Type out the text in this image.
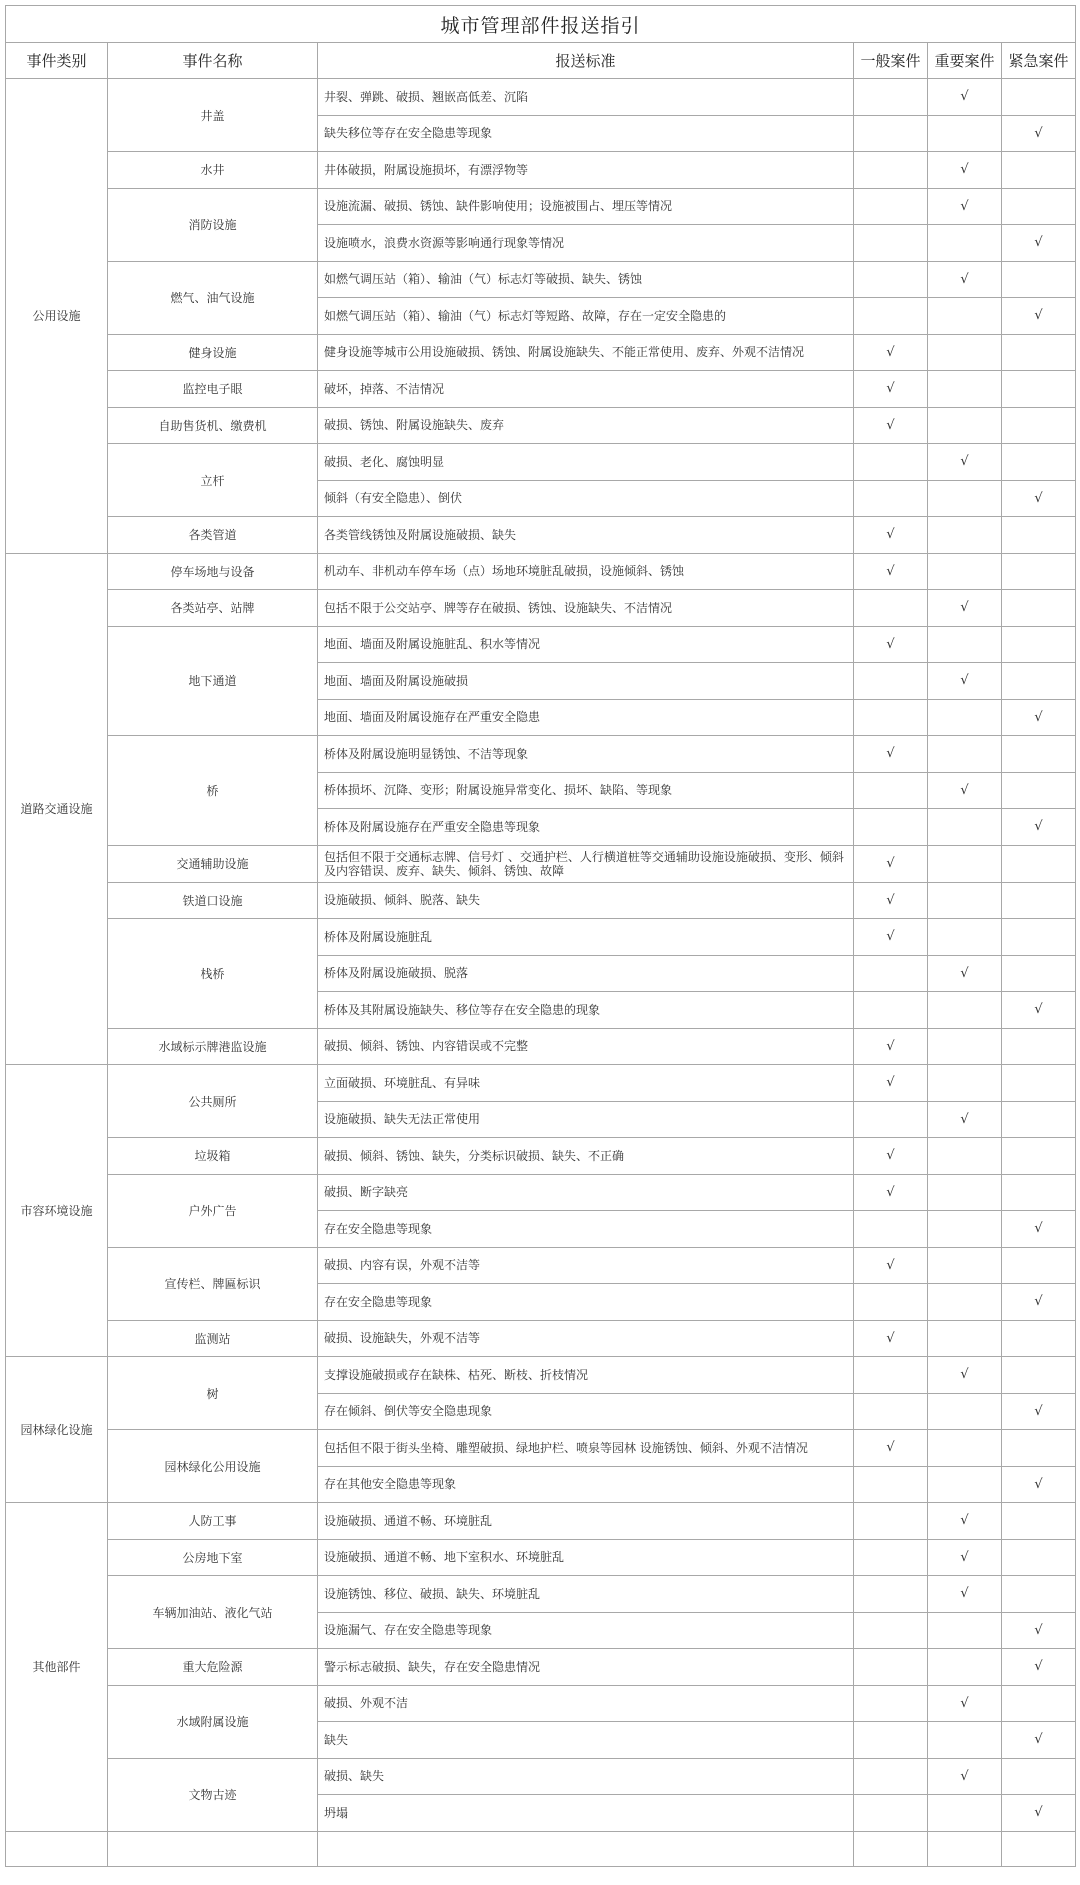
城市管理部件报送指引					
事件类别	事件名称	报送标准	一般案件	重要案件	紧急案件
公用设施	井盖	井裂、弹跳、破损、翘嵌高低差、沉陷		√	
		缺失移位等存在安全隐患等现象			√
	水井	井体破损，附属设施损坏，有漂浮物等		√	
	消防设施	设施流漏、破损、锈蚀、缺件影响使用；设施被围占、埋压等情况		√	
		设施喷水，浪费水资源等影响通行现象等情况			√
	燃气、油气设施	如燃气调压站（箱）、输油（气）标志灯等破损、缺失、锈蚀		√	
		如燃气调压站（箱）、输油（气）标志灯等短路、故障，存在一定安全隐患的			√
	健身设施	健身设施等城市公用设施破损、锈蚀、附属设施缺失、不能正常使用、废弃、外观不洁情况	√		
	监控电子眼	破坏，掉落、不洁情况	√		
	自助售货机、缴费机	破损、锈蚀、附属设施缺失、废弃	√		
	立杆	破损、老化、腐蚀明显		√	
		倾斜（有安全隐患）、倒伏			√
	各类管道	各类管线锈蚀及附属设施破损、缺失	√		
道路交通设施	停车场地与设备	机动车、非机动车停车场（点）场地环境脏乱破损，设施倾斜、锈蚀	√		
	各类站亭、站牌	包括不限于公交站亭、牌等存在破损、锈蚀、设施缺失、不洁情况		√	
	地下通道	地面、墙面及附属设施脏乱、积水等情况	√		
		地面、墙面及附属设施破损		√	
		地面、墙面及附属设施存在严重安全隐患			√
	桥	桥体及附属设施明显锈蚀、不洁等现象	√		
		桥体损坏、沉降、变形；附属设施异常变化、损坏、缺陷、等现象		√	
		桥体及附属设施存在严重安全隐患等现象			√
	交通辅助设施	包括但不限于交通标志牌、信号灯 、交通护栏、人行横道桩等交通辅助设施设施破损、变形、倾斜及内容错误、废弃、缺失、倾斜、锈蚀、故障	√		
	铁道口设施	设施破损、倾斜、脱落、缺失	√		
	栈桥	桥体及附属设施脏乱	√		
		桥体及附属设施破损、脱落		√	
		桥体及其附属设施缺失、移位等存在安全隐患的现象			√
	水域标示牌港监设施	破损、倾斜、锈蚀、内容错误或不完整	√		
市容环境设施	公共厕所	立面破损、环境脏乱、有异味	√		
		设施破损、缺失无法正常使用		√	
	垃圾箱	破损、倾斜、锈蚀、缺失，分类标识破损、缺失、不正确	√		
	户外广告	破损、断字缺亮	√		
		存在安全隐患等现象			√
	宣传栏、牌匾标识	破损、内容有误，外观不洁等	√		
		存在安全隐患等现象			√
	监测站	破损、设施缺失，外观不洁等	√		
园林绿化设施	树	支撑设施破损或存在缺株、枯死、断枝、折枝情况		√	
		存在倾斜、倒伏等安全隐患现象			√
	园林绿化公用设施	包括但不限于街头坐椅、雕塑破损、绿地护栏、喷泉等园林 设施锈蚀、倾斜、外观不洁情况	√		
		存在其他安全隐患等现象			√
其他部件	人防工事	设施破损、通道不畅、环境脏乱		√	
	公房地下室	设施破损、通道不畅、地下室积水、环境脏乱		√	
	车辆加油站、液化气站	设施锈蚀、移位、破损、缺失、环境脏乱		√	
		设施漏气、存在安全隐患等现象			√
	重大危险源	警示标志破损、缺失，存在安全隐患情况			√
	水域附属设施	破损、外观不洁		√	
		缺失			√
	文物古迹	破损、缺失		√	
		坍塌			√
